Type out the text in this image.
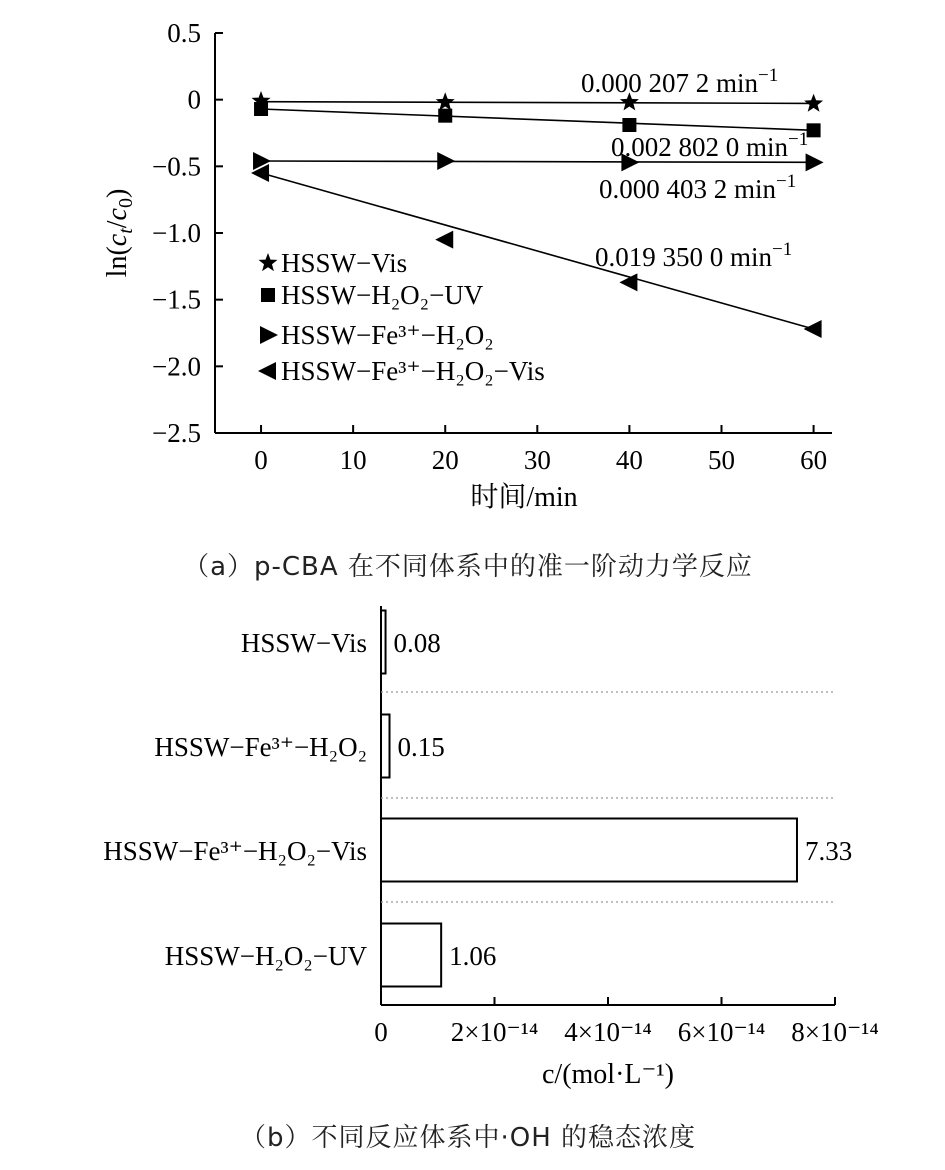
0.5
0
−0.5
−1.0
−1.5
−2.0
−2.5
0	10 20 30 40 50 60
$\ln(c_t/c_0)$
时间/min
0.000 207 2 $\min^{-1}$
0.002 802 0 $\min^{-1}$
0.000 403 2 $\min^{-1}$
0.019 350 0 $\min^{-1}$
HSSW−Vis
HSSW−H₂O₂−UV
HSSW−Fe³⁺−H₂O₂
HSSW−Fe³⁺−H₂O₂−Vis
（a）p-CBA 在不同体系中的准一阶动力学反应
0 2×10⁻¹⁴ 4×10⁻¹⁴ 6×10⁻¹⁴ 8×10⁻¹⁴
c/(mol·L⁻¹)
0.08
HSSW−Vis
0.15
HSSW−Fe³⁺−H₂O₂
7.33
HSSW−Fe³⁺−H₂O₂−Vis
1.06
HSSW−H₂O₂−UV
（b）不同反应体系中·OH 的稳态浓度
